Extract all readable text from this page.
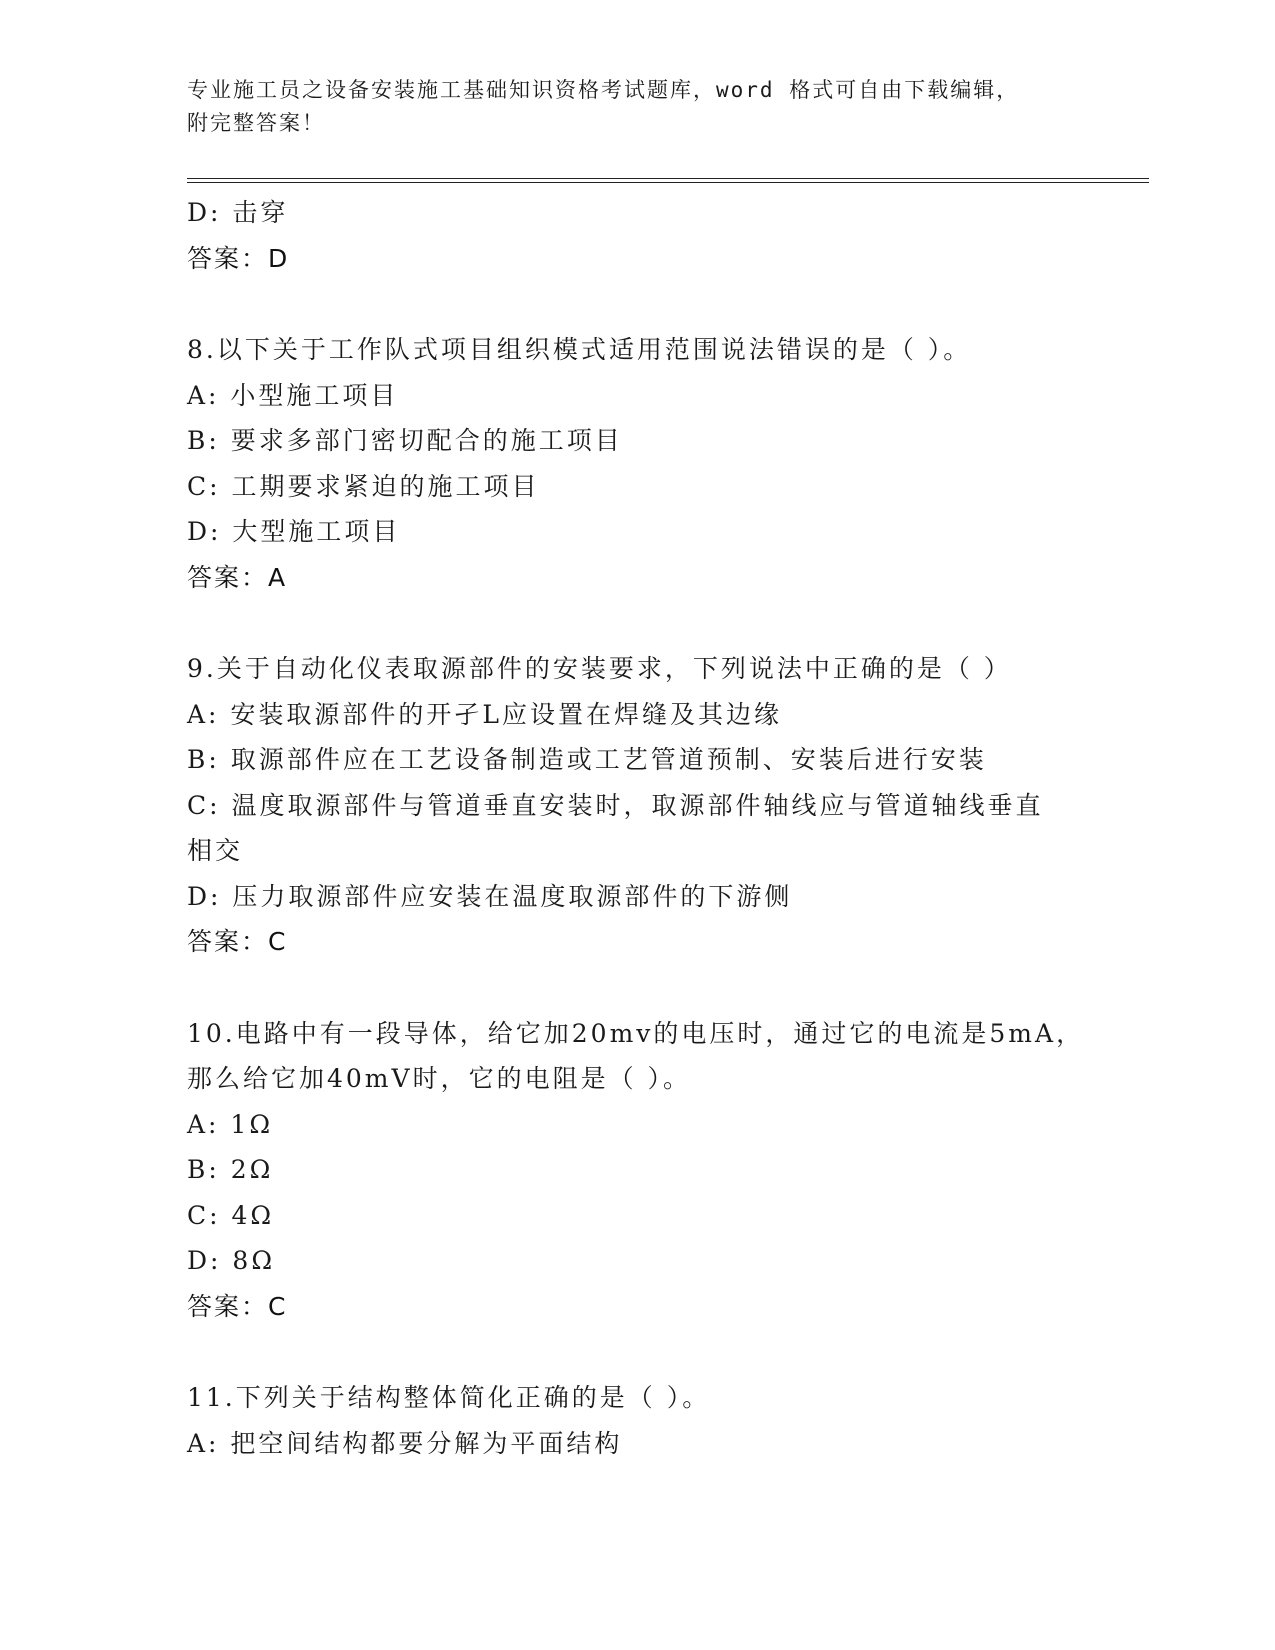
专业施工员之设备安装施工基础知识资格考试题库，word 格式可自由下载编辑，
附完整答案！
D: 击穿
答案：D
8.以下关于工作队式项目组织模式适用范围说法错误的是（ ）。
A: 小型施工项目
B: 要求多部门密切配合的施工项目
C: 工期要求紧迫的施工项目
D: 大型施工项目
答案：A
9.关于自动化仪表取源部件的安装要求，下列说法中正确的是（ ）
A: 安装取源部件的开孑L应设置在焊缝及其边缘
B: 取源部件应在工艺设备制造或工艺管道预制、安装后进行安装
C: 温度取源部件与管道垂直安装时，取源部件轴线应与管道轴线垂直
相交
D: 压力取源部件应安装在温度取源部件的下游侧
答案：C
10.电路中有一段导体，给它加20mv的电压时，通过它的电流是5mA，
那么给它加40mV时，它的电阻是（ ）。
A: 1Ω
B: 2Ω
C: 4Ω
D: 8Ω
答案：C
11.下列关于结构整体简化正确的是（ ）。
A: 把空间结构都要分解为平面结构
